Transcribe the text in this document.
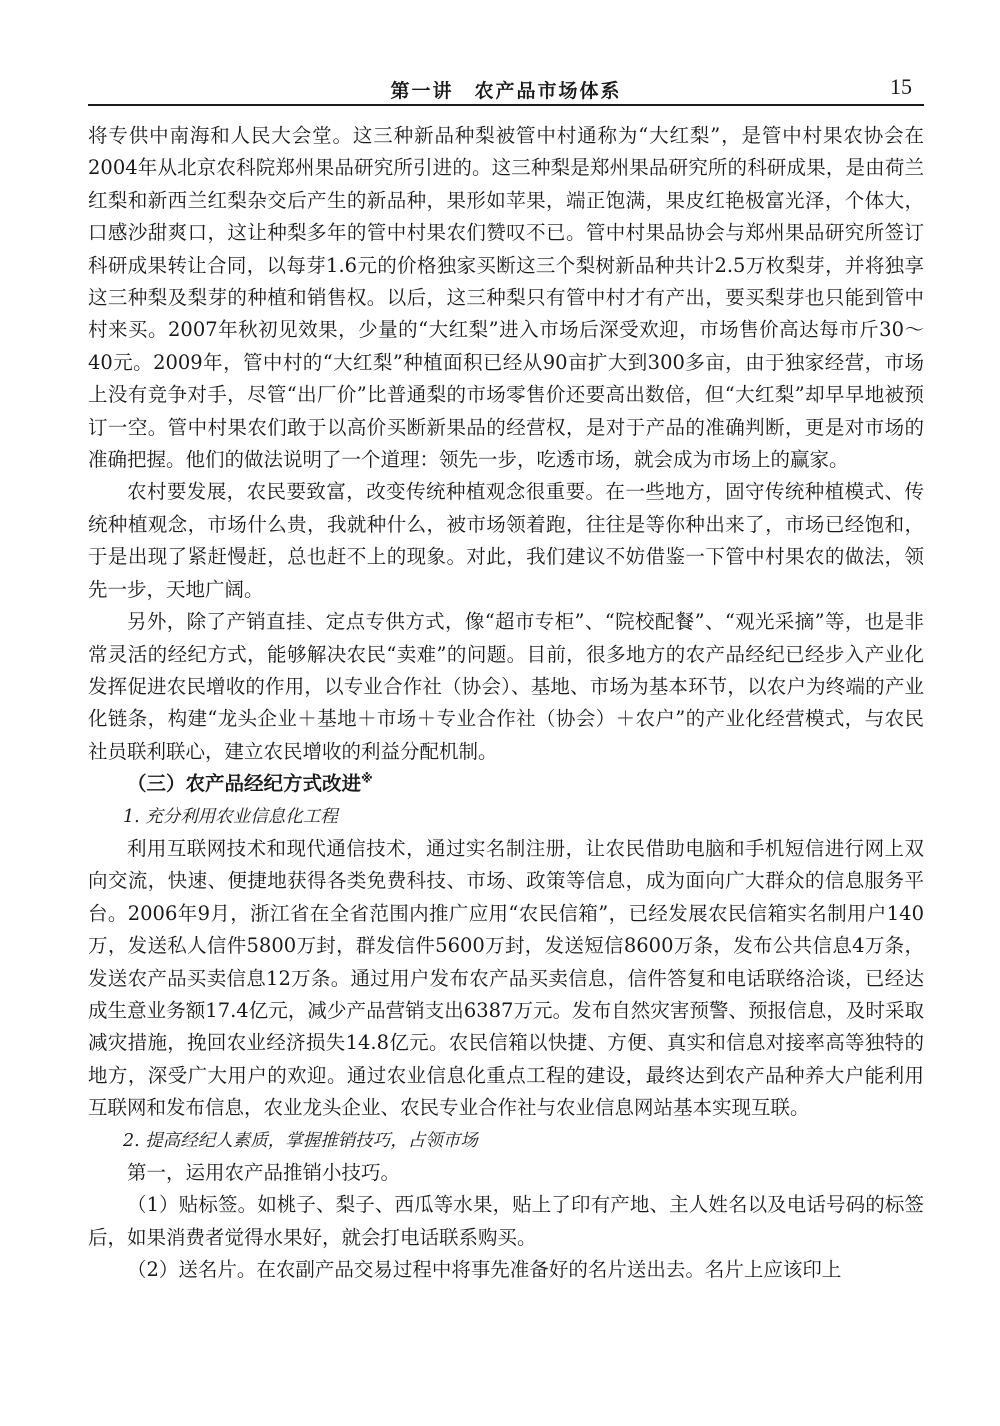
第一讲　农产品市场体系	15

将专供中南海和人民大会堂。这三种新品种梨被管中村通称为“大红梨”，是管中村果农协会在2004年从北京农科院郑州果品研究所引进的。这三种梨是郑州果品研究所的科研成果，是由荷兰红梨和新西兰红梨杂交后产生的新品种，果形如苹果，端正饱满，果皮红艳极富光泽，个体大，口感沙甜爽口，这让种梨多年的管中村果农们赞叹不已。管中村果品协会与郑州果品研究所签订科研成果转让合同，以每芽1.6元的价格独家买断这三个梨树新品种共计2.5万枚梨芽，并将独享这三种梨及梨芽的种植和销售权。以后，这三种梨只有管中村才有产出，要买梨芽也只能到管中村来买。2007年秋初见效果，少量的“大红梨”进入市场后深受欢迎，市场售价高达每市斤30～40元。2009年，管中村的“大红梨”种植面积已经从90亩扩大到300多亩，由于独家经营，市场上没有竞争对手，尽管“出厂价”比普通梨的市场零售价还要高出数倍，但“大红梨”却早早地被预订一空。管中村果农们敢于以高价买断新果品的经营权，是对于产品的准确判断，更是对市场的准确把握。他们的做法说明了一个道理：领先一步，吃透市场，就会成为市场上的赢家。

农村要发展，农民要致富，改变传统种植观念很重要。在一些地方，固守传统种植模式、传统种植观念，市场什么贵，我就种什么，被市场领着跑，往往是等你种出来了，市场已经饱和，于是出现了紧赶慢赶，总也赶不上的现象。对此，我们建议不妨借鉴一下管中村果农的做法，领先一步，天地广阔。

另外，除了产销直挂、定点专供方式，像“超市专柜”、“院校配餐”、“观光采摘”等，也是非常灵活的经纪方式，能够解决农民“卖难”的问题。目前，很多地方的农产品经纪已经步入产业化发挥促进农民增收的作用，以专业合作社（协会）、基地、市场为基本环节，以农户为终端的产业化链条，构建“龙头企业＋基地＋市场＋专业合作社（协会）＋农户”的产业化经营模式，与农民社员联利联心，建立农民增收的利益分配机制。

（三）农产品经纪方式改进※

1. 充分利用农业信息化工程

利用互联网技术和现代通信技术，通过实名制注册，让农民借助电脑和手机短信进行网上双向交流，快速、便捷地获得各类免费科技、市场、政策等信息，成为面向广大群众的信息服务平台。2006年9月，浙江省在全省范围内推广应用“农民信箱”，已经发展农民信箱实名制用户140万，发送私人信件5800万封，群发信件5600万封，发送短信8600万条，发布公共信息4万条，发送农产品买卖信息12万条。通过用户发布农产品买卖信息，信件答复和电话联络洽谈，已经达成生意业务额17.4亿元，减少产品营销支出6387万元。发布自然灾害预警、预报信息，及时采取减灾措施，挽回农业经济损失14.8亿元。农民信箱以快捷、方便、真实和信息对接率高等独特的地方，深受广大用户的欢迎。通过农业信息化重点工程的建设，最终达到农产品种养大户能利用互联网和发布信息，农业龙头企业、农民专业合作社与农业信息网站基本实现互联。

2. 提高经纪人素质，掌握推销技巧，占领市场

第一，运用农产品推销小技巧。

（1）贴标签。如桃子、梨子、西瓜等水果，贴上了印有产地、主人姓名以及电话号码的标签后，如果消费者觉得水果好，就会打电话联系购买。

（2）送名片。在农副产品交易过程中将事先准备好的名片送出去。名片上应该印上
